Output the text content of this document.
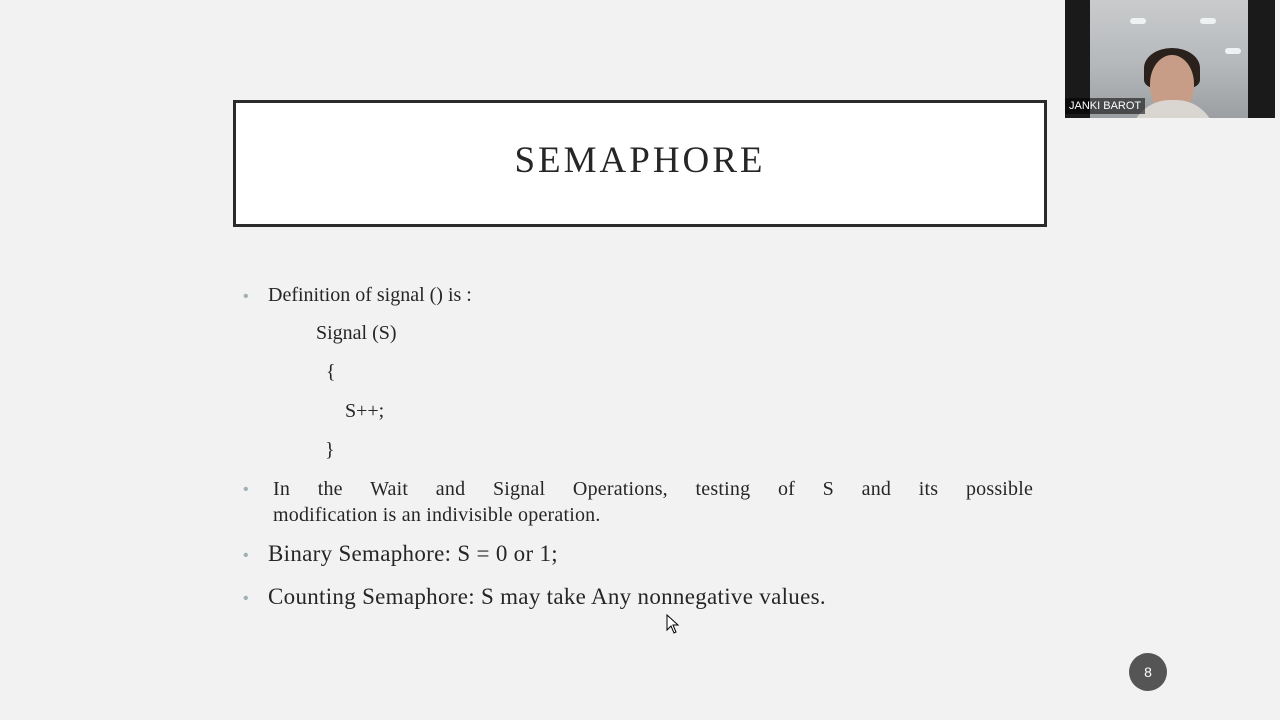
SEMAPHORE
• Definition of signal () is :
Signal (S)
{
S++;
}
• In the Wait and Signal Operations, testing of S and its possible
modification is an indivisible operation.
• Binary Semaphore: S = 0 or 1;
• Counting Semaphore: S may take Any nonnegative values.
8
JANKI BAROT
